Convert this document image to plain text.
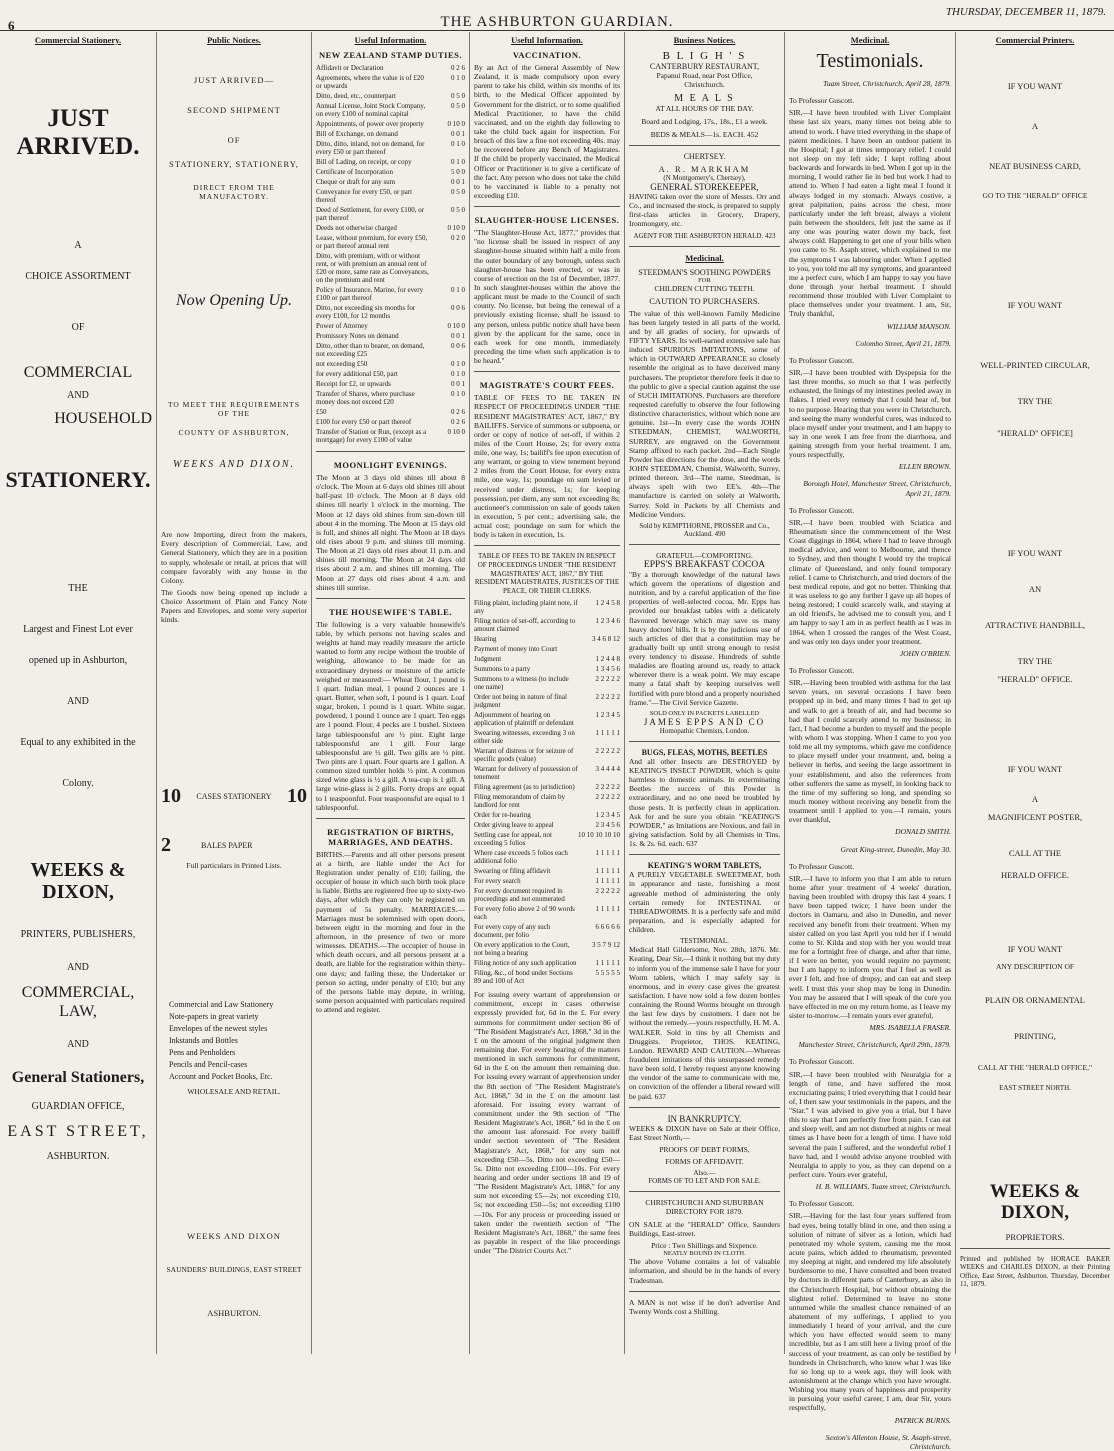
6	THE ASHBURTON GUARDIAN.
THURSDAY, DECEMBER 11, 1879.
Commercial Stationery.
JUST ARRIVED.
A
CHOICE ASSORTMENT
OF
COMMERCIAL
AND
HOUSEHOLD
STATIONERY.
THE
Largest and Finest Lot ever
opened up in Ashburton,
AND
Equal to any exhibited in the
Colony.
WEEKS & DIXON,
PRINTERS, PUBLISHERS,
AND
COMMERCIAL, LAW,
AND
General Stationers,
GUARDIAN OFFICE,
EAST STREET,
ASHBURTON.
Public Notices.
JUST ARRIVED—
SECOND SHIPMENT
OF
STATIONERY, STATIONERY,
DIRECT FROM THE MANUFACTORY.
Now Opening Up.
TO MEET THE REQUIREMENTS OF THE
COUNTY OF ASHBURTON,
WEEKS AND DIXON.

Are now Importing, direct from the makers, Every description of Commercial, Law, and General Stationery, which they are in a position to supply, wholesale or retail, at prices that will compare favorably with any house in the Colony.

The Goods now being opened up include a Choice Assortment of Plain and Fancy Note Papers and Envelopes, and some very superior kinds.

10 CASES STATIONERY 10
2	BALES PAPER
Full particulars in Printed Lists.
Commercial and Law Stationery
Note-papers in great variety
Envelopes of the newest styles
Inkstands and Bottles
Pens and Penholders
Pencils and Pencil-cases
Account and Pocket Books, Etc.
WHOLESALE AND RETAIL.
WEEKS AND DIXON
SAUNDERS' BUILDINGS, EAST STREET
ASHBURTON.
Useful Information.
NEW ZEALAND STAMP DUTIES.
Affidavit or Declaration	0 2 6
Agreements, where the value is of £20 or upwards	0 1 0
Ditto, deed, etc., counterpart	0 5 0
Annual License, Joint Stock Company, on every £100 of nominal capital	0 5 0
Appointments, of power over property	0 10 0
Bill of Exchange, on demand	0 0 1
Ditto, ditto, inland, not on demand, for every £50 or part thereof	0 1 0
Bill of Lading, on receipt, or copy	0 1 0
Certificate of Incorporation	5 0 0
Cheque or draft for any sum	0 0 1
Conveyance for every £50, or part thereof	0 5 0
Deed of Settlement, for every £100, or part thereof	0 5 0
Deeds not otherwise charged	0 10 0
Lease, without premium, for every £50, or part thereof annual rent	0 2 0
Ditto, with premium, with or without rent, or with premium an annual rent of £20 or more, same rate as Conveyances, on the premium and rent	
Policy of Insurance, Marine, for every £100 or part thereof	0 1 0
Ditto, not exceeding six months for every £100, for 12 months	0 0 6
Power of Attorney	0 10 0
Promissory Notes on demand	0 0 1
Ditto, other than to bearer, on demand, not exceeding £25	0 0 6
not exceeding £50	0 1 0
for every additional £50, part	0 1 0
Receipt for £2, or upwards	0 0 1
Transfer of Shares, where purchase money does not exceed £20	0 1 0
£50	0 2 6
£100 for every £50 or part thereof	0 2 6
Transfer of Station or Run, (except as a mortgage) for every £100 of value	0 10 0
MOONLIGHT EVENINGS.

The Moon at 3 days old shines till about 8 o'clock. The Moon at 6 days old shines till about half-past 10 o'clock. The Moon at 8 days old shines till nearly 1 o'clock in the morning. The Moon at 12 days old shines from sun-down till about 4 in the morning. The Moon at 15 days old is full, and shines all night. The Moon at 18 days old rises about 9 p.m. and shines till morning. The Moon at 21 days old rises about 11 p.m. and shines till morning. The Moon at 24 days old rises about 2 a.m. and shines till morning. The Moon at 27 days old rises about 4 a.m. and shines till sunrise.

THE HOUSEWIFE'S TABLE.

The following is a very valuable housewife's table, by which persons not having scales and weights at hand may readily measure the article wanted to form any recipe without the trouble of weighing, allowance to be made for an extraordinary dryness or moisture of the article weighed or measured:— Wheat flour, 1 pound is 1 quart. Indian meal, 1 pound 2 ounces are 1 quart. Butter, when soft, 1 pound is 1 quart. Loaf sugar, broken, 1 pound is 1 quart. White sugar, powdered, 1 pound 1 ounce are 1 quart. Ten eggs are 1 pound. Flour, 4 pecks are 1 bushel. Sixteen large tablespoonsful are ½ pint. Eight large tablespoonsful are 1 gill. Four large tablespoonsful are ½ gill. Two gills are ½ pint. Two pints are 1 quart. Four quarts are 1 gallon. A common sized tumbler holds ½ pint. A common sized wine glass is ½ a gill. A tea-cup is 1 gill. A large wine-glass is 2 gills. Forty drops are equal to 1 teaspoonful. Four teaspoonsful are equal to 1 tablespoonful.

REGISTRATION OF BIRTHS, MARRIAGES, AND DEATHS.

BIRTHS.—Parents and all other persons present at a birth, are liable under the Act for Registration under penalty of £10; failing, the occupier of house in which such birth took place is liable. Births are registered free up to sixty-two days, after which they can only be registered on payment of 5s penalty. MARRIAGES.—Marriages must be solemnised with open doors, between eight in the morning and four in the afternoon, in the presence of two or more witnesses. DEATHS.—The occupier of house in which death occurs, and all persons present at a death, are liable for the registration within thirty-one days; and failing these, the Undertaker or person so acting, under penalty of £10; but any of the persons liable may depute, in writing, some person acquainted with particulars required to attend and register.

Useful Information.
VACCINATION.

By an Act of the General Assembly of New Zealand, it is made compulsory upon every parent to take his child, within six months of its birth, to the Medical Officer appointed by Government for the district, or to some qualified Medical Practitioner, to have the child vaccinated, and on the eighth day following to take the child back again for inspection. For breach of this law a fine not exceeding 40s. may be recovered before any Bench of Magistrates. If the child be properly vaccinated, the Medical Officer or Practitioner is to give a certificate of the fact. Any person who does not take the child to be vaccinated is liable to a penalty not exceeding £10.

SLAUGHTER-HOUSE LICENSES.

"The Slaughter-House Act, 1877," provides that "no license shall be issued in respect of any slaughter-house situated within half a mile from the outer boundary of any borough, unless such slaughter-house has been erected, or was in course of erection on the 1st of December, 1877. In such slaughter-houses within the above the applicant must be made to the Council of such county. No license, but being the renewal of a previously existing license, shall be issued to any person, unless public notice shall have been given by the applicant for the same, once in each week for one month, immediately preceding the time when such application is to be heard."

MAGISTRATE'S COURT FEES.

TABLE OF FEES TO BE TAKEN IN RESPECT OF PROCEEDINGS UNDER "THE RESIDENT MAGISTRATES' ACT, 1867," BY BAILIFFS. Service of summons or subpoena, or order or copy of notice of set-off, if within 2 miles of the Court House, 2s; for every extra mile, one way, 1s; bailiff's fee upon execution of any warrant, or going to view tenement beyond 2 miles from the Court House, for every extra mile, one way, 1s; poundage on sum levied or received under distress, 1s; for keeping possession, per diem, any sum not exceeding 8s; auctioneer's commission on sale of goods taken in execution, 5 per cent.; advertising sale, the actual cost; poundage on sum for which the body is taken in execution, 1s.

TABLE OF FEES TO BE TAKEN IN RESPECT OF PROCEEDINGS UNDER "THE RESIDENT MAGISTRATES' ACT, 1867," BY THE RESIDENT MAGISTRATES, JUSTICES OF THE PEACE, OR THEIR CLERKS.

Filing plaint, including plaint note, if any	1 2 4 5 8
Filing notice of set-off, according to amount claimed	1 2 3 4 6
Hearing	3 4 6 8 12
Payment of money into Court	
Judgment	1 2 4 4 8
Summons to a party	1 3 4 5 6
Summons to a witness (to include one name)	2 2 2 2 2
Order not being in nature of final judgment	2 2 2 2 2
Adjournment of hearing on application of plaintiff or defendant	1 2 3 4 5
Swearing witnesses, exceeding 3 on either side	1 1 1 1 1
Warrant of distress or for seizure of specific goods (value)	2 2 2 2 2
Warrant for delivery of possession of tenement	3 4 4 4 4
Filing agreement (as to jurisdiction)	2 2 2 2 2
Filing memorandum of claim by landlord for rent	2 2 2 2 2
Order for re-hearing	1 2 3 4 5
Order giving leave to appeal	2 3 4 5 6
Settling case for appeal, not exceeding 5 folios	10 10 10 10 10
Where case exceeds 5 folios each additional folio	1 1 1 1 1
Swearing or filing affidavit	1 1 1 1 1
For every search	1 1 1 1 1
For every document required in proceedings and not enumerated	2 2 2 2 2
For every folio above 2 of 90 words each	1 1 1 1 1
For every copy of any such document, per folio	6 6 6 6 6
On every application to the Court, not being a hearing	3 5 7 9 12
Filing notice of any such application	1 1 1 1 1
Filing, &c., of bond under Sections 89 and 100 of Act	5 5 5 5 5

For issuing every warrant of apprehension or commitment, except in cases otherwise expressly provided for, 6d in the £. For every summons for commitment under section 86 of "The Resident Magistrate's Act, 1868," 3d in the £ on the amount of the original judgment then remaining due. For every hearing of the matters mentioned in such summons for commitment, 6d in the £ on the amount then remaining due. For issuing every warrant of apprehension under the 8th section of "The Resident Magistrate's Act, 1868," 3d in the £ on the amount last aforesaid. For issuing every warrant of commitment under the 9th section of "The Resident Magistrate's Act, 1868," 6d in the £ on the amount last aforesaid. For every bailiff under section seventeen of "The Resident Magistrate's Act, 1868," for any sum not exceeding £50—5s. Ditto not exceeding £50—5s. Ditto not exceeding £100—10s. For every hearing and order under sections 18 and 19 of "The Resident Magistrate's Act, 1868," for any sum not exceeding £5—2s; not exceeding £10, 5s; not exceeding £50—5s; not exceeding £100—10s. For any process or proceeding issued or taken under the twentieth section of "The Resident Magistrate's Act, 1868," the same fees as payable in respect of the like proceedings under "The District Courts Act."

Business Notices.
B L I G H ' S
CANTERBURY RESTAURANT,
Papanui Road, near Post Office,
Christchurch.
M E A L S
AT ALL HOURS OF THE DAY.
Board and Lodging, 17s., 18s., £1 a week.
BEDS & MEALS—1s. EACH. 452
CHERTSEY.
A. R. MARKHAM
(N Montgomery's, Chertsey),
GENERAL STOREKEEPER,

HAVING taken over the store of Messrs. Orr and Co., and increased the stock, is prepared to supply first-class articles in Grocery, Drapery, Ironmongery, etc.

AGENT FOR THE ASHBURTON HERALD. 423
Medicinal.
STEEDMAN'S SOOTHING POWDERS
FOR
CHILDREN CUTTING TEETH.
CAUTION TO PURCHASERS.

The value of this well-known Family Medicine has been largely tested in all parts of the world, and by all grades of society, for upwards of FIFTY YEARS. Its well-earned extensive sale has induced SPURIOUS IMITATIONS, some of which in OUTWARD APPEARANCE so closely resemble the original as to have deceived many purchasers. The proprietor therefore feels it due to the public to give a special caution against the use of SUCH IMITATIONS. Purchasers are therefore requested carefully to observe the four following distinctive characteristics, without which none are genuine. 1st—In every case the words JOHN STEEDMAN, CHEMIST, WALWORTH, SURREY, are engraved on the Government Stamp affixed to each packet. 2nd—Each Single Powder has directions for the dose, and the words JOHN STEEDMAN, Chemist, Walworth, Surrey, printed thereon. 3rd—The name, Steedman, is always spelt with two EE's. 4th—The manufacture is carried on solely at Walworth, Surrey. Sold in Packets by all Chemists and Medicine Vendors.

Sold by KEMPTHORNE, PROSSER and Co., Auckland. 490
GRATEFUL—COMFORTING.
EPPS'S BREAKFAST COCOA

"By a thorough knowledge of the natural laws which govern the operations of digestion and nutrition, and by a careful application of the fine properties of well-selected cocoa, Mr. Epps has provided our breakfast tables with a delicately flavoured beverage which may save us many heavy doctors' bills. It is by the judicious use of such articles of diet that a constitution may be gradually built up until strong enough to resist every tendency to disease. Hundreds of subtle maladies are floating around us, ready to attack wherever there is a weak point. We may escape many a fatal shaft by keeping ourselves well fortified with pure blood and a properly nourished frame."—The Civil Service Gazette.

SOLD ONLY IN PACKETS LABELLED
JAMES EPPS AND CO
Homopathic Chemists, London.
BUGS, FLEAS, MOTHS, BEETLES

And all other Insects are DESTROYED by KEATING'S INSECT POWDER, which is quite harmless to domestic animals. In exterminating Beetles the success of this Powder is extraordinary, and no one need be troubled by those pests. It is perfectly clean in application. Ask for and be sure you obtain "KEATING'S POWDER," as Imitations are Noxious, and fail in giving satisfaction. Sold by all Chemists in Tins, 1s. & 2s. 6d. each. 637

KEATING'S WORM TABLETS,

A PURELY VEGETABLE SWEETMEAT, both in appearance and taste, furnishing a most agreeable method of administering the only certain remedy for INTESTINAL or THREADWORMS. It is a perfectly safe and mild preparation, and is especially adapted for children.

TESTIMONIAL.

Medical Hall Gildersome, Nov. 28th, 1876. Mr. Keating, Dear Sir,—I think it nothing but my duty to inform you of the immense sale I have for your Worm tablets, which I may safely say is enormous, and in every case gives the greatest satisfaction. I have now sold a few dozen bottles containing the Round Worms brought on through the last few days by customers. I dare not be without the remedy.—yours respectfully, H. M. A. WALKER. Sold in tins by all Chemists and Druggists. Proprietor, THOS. KEATING, London. REWARD AND CAUTION.—Whereas fraudulent imitations of this unsurpassed remedy have been sold, I hereby request anyone knowing the vendor of the same to communicate with me, on conviction of the offender a liberal reward will be paid. 637

IN BANKRUPTCY.

WEEKS & DIXON have on Sale at their Office, East Street North,—

PROOFS OF DEBT FORMS,
FORMS OF AFFIDAVIT.
Also.—
FORMS OF TO LET AND FOR SALE.
CHRISTCHURCH AND SUBURBAN DIRECTORY FOR 1879.

ON SALE at the "HERALD" Office, Saunders Buildings, East-street.

Price : Two Shillings and Sixpence.
NEATLY BOUND IN CLOTH.

The above Volume contains a lot of valuable information, and should be in the hands of every Tradesman.

A MAN is not wise if he don't advertise And Twenty Words cost a Shilling.

Medicinal.
Testimonials.

Tuam Street, Christchurch, April 28, 1879.

To Professor Guscott.

SIR,—I have been troubled with Liver Complaint these last six years, many times not being able to attend to work. I have tried everything in the shape of patent medicines. I have been an outdoor patient in the Hospital; I got at times temporary relief. I could not sleep on my left side; I kept rolling about backwards and forwards in bed. When I got up in the morning, I would rather lie in bed but work I had to attend to. When I had eaten a light meal I found it always lodged in my stomach. Always costive, a great palpitation, pains across the chest, more particularly under the left breast, always a violent pain between the shoulders, felt just the same as if any one was pouring water down my back, feet always cold. Happening to get one of your bills when you came to St. Asaph street, which explained to me the symptoms I was labouring under. When I applied to you, you told me all my symptoms, and guaranteed me a perfect cure, which I am happy to say you have done through your herbal treatment. I should recommend those troubled with Liver Complaint to place themselves under your treatment. I am, Sir, Truly thankful,

WILLIAM MANSON.

Colombo Street, April 21, 1879.

To Professor Guscott.

SIR,—I have been troubled with Dyspepsia for the last three months, so much so that I was perfectly exhausted, the linings of my intestines peeled away in flakes. I tried every remedy that I could hear of, but to no purpose. Hearing that you were in Christchurch, and seeing the many wonderful cures, was induced to place myself under your treatment, and I am happy to say in one week I am free from the diarrhoea, and gaining strength from your herbal treatment. I am, yours respectfully,

ELLEN BROWN.

Borough Hotel, Manchester Street, Christchurch, April 21, 1879.

To Professor Guscott.

SIR,—I have been troubled with Sciatica and Rheumatism since the commencement of the West Coast diggings in 1864, where I had to leave through medical advice, and went to Melbourne, and thence to Sydney, and then thought I would try the tropical climate of Queensland, and only found temporary relief. I came to Christchurch, and tried doctors of the best medical repute, and got no better. Thinking that it was useless to go any further I gave up all hopes of being restored; I could scarcely walk, and staying at an old friend's, he advised me to consult you, and I am happy to say I am in as perfect health as I was in 1864, when I crossed the ranges of the West Coast, and was only ten days under your treatment.

JOHN O'BRIEN.

To Professor Guscott.

SIR,—Having been troubled with asthma for the last seven years, on several occasions I have been propped up in bed, and many times I had to get up and walk to get a breath of air, and had become so bad that I could scarcely attend to my business; in fact, I had become a burden to myself and the people with whom I was stopping. When I came to you you told me all my symptoms, which gave me confidence to place myself under your treatment, and, being a believer in herbs, and seeing the large assortment in your establishment, and also the references from other sufferers the same as myself, in looking back to the time of my suffering so long, and spending so much money without receiving any benefit from the treatment until I applied to you.—I remain, yours ever thankful,

DONALD SMITH.

Great King-street, Dunedin, May 30.

To Professor Guscott.

SIR,—I have to inform you that I am able to return home after your treatment of 4 weeks' duration, having been troubled with dropsy this last 4 years. I have been tapped twice; I have been under the doctors in Oamaru, and also in Dunedin, and never received any benefit from their treatment. When my sister called on you last April you told her if I would come to St. Kilda and stop with her you would treat me for a fortnight free of charge, and after that time, if I were no better, you would require no payment; but I am happy to inform you that I feel as well as ever I felt, and free of dropsy, and can eat and sleep well. I trust this your shop may be long in Dunedin. You may be assured that I will speak of the cure you have effected in me on my return home, as I leave my sister to-morrow.—I remain yours ever grateful,

MRS. ISABELLA FRASER.

Manchester Street, Christchurch, April 29th, 1879.

To Professor Guscott.

SIR,—I have been troubled with Neuralgia for a length of time, and have suffered the most excruciating pains; I tried everything that I could hear of, I then saw your testimonials in the papers, and the "Star." I was advised to give you a trial, but I have this to say that I am perfectly free from pain. I can eat and sleep well, and am not disturbed at nights or meal times as I have been for a length of time. I have told several the pain I suffered, and the wonderful relief I have had, and I would advise anyone troubled with Neuralgia to apply to you, as they can depend on a perfect cure. Yours ever grateful,

H. B. WILLIAMS, Tuam street, Christchurch.

To Professor Guscott.

SIR,—Having for the last four years suffered from bad eyes, being totally blind in one, and then using a solution of nitrate of silver as a lotion, which had penetrated my whole system, causing me the most acute pains, which added to rheumatism, prevented my sleeping at night, and rendered my life absolutely burdensome to me, I have consulted and been treated by doctors in different parts of Canterbury, as also in the Christchurch Hospital, but without obtaining the slightest relief. Determined to leave no stone unturned while the smallest chance remained of an abatement of my sufferings, I applied to you immediately I heard of your arrival, and the cure which you have effected would seem to many incredible, but as I am still here a living proof of the success of your treatment, as can only be testified by hundreds in Christchurch, who know what I was like for so long up to a week ago, they will look with astonishment at the change which you have wrought. Wishing you many years of happiness and prosperity in pursuing your useful career, I am, dear Sir, yours respectfully,

PATRICK BURNS.

Sexton's Allenton House, St. Asaph-street, Christchurch.

Commercial Printers.
IF YOU WANT
A
NEAT BUSINESS CARD,
GO TO THE "HERALD" OFFICE
IF YOU WANT
WELL-PRINTED CIRCULAR,
TRY THE
"HERALD" OFFICE]
IF YOU WANT
AN
ATTRACTIVE HANDBILL,
TRY THE
"HERALD" OFFICE.
IF YOU WANT
A
MAGNIFICENT POSTER,
CALL AT THE
HERALD OFFICE.
IF YOU WANT
ANY DESCRIPTION OF
PLAIN OR ORNAMENTAL
PRINTING,
CALL AT THE "HERALD OFFICE,"
EAST STREET NORTH.
WEEKS & DIXON,
PROPRIETORS.

Printed and published by HORACE BAKER WEEKS and CHARLES DIXON, at their Printing Office, East Street, Ashburton. Thursday, December 11, 1879.
